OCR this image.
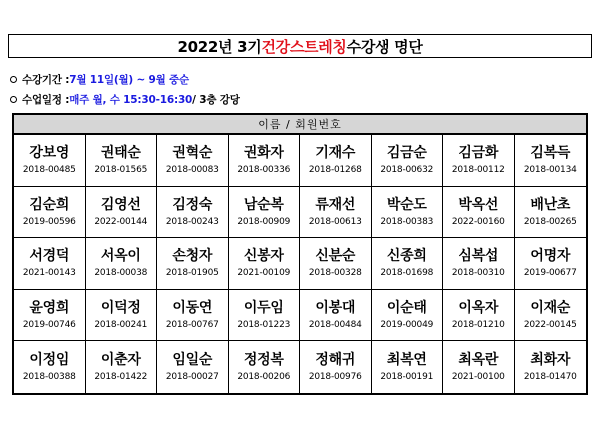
2022년 3기 건강스트레칭 수강생 명단
수강기간 : 7월 11일(월) ~ 9월 중순
수업일정 : 매주 월, 수 15:30-16:30 / 3층 강당
이름 / 회원번호
강보영
2018-00485
권태순
2018-01565
권혁순
2018-00083
권화자
2018-00336
기재수
2018-01268
김금순
2018-00632
김금화
2018-00112
김복득
2018-00134
김순희
2019-00596
김영선
2022-00144
김정숙
2018-00243
남순복
2018-00909
류재선
2018-00613
박순도
2018-00383
박옥선
2022-00160
배난초
2018-00265
서경덕
2021-00143
서옥이
2018-00038
손청자
2018-01905
신봉자
2021-00109
신분순
2018-00328
신종희
2018-01698
심복섭
2018-00310
어명자
2019-00677
윤영희
2019-00746
이덕정
2018-00241
이동연
2018-00767
이두임
2018-01223
이봉대
2018-00484
이순태
2019-00049
이옥자
2018-01210
이재순
2022-00145
이정임
2018-00388
이춘자
2018-01422
임일순
2018-00027
정정복
2018-00206
정해귀
2018-00976
최복연
2018-00191
최옥란
2021-00100
최화자
2018-01470
